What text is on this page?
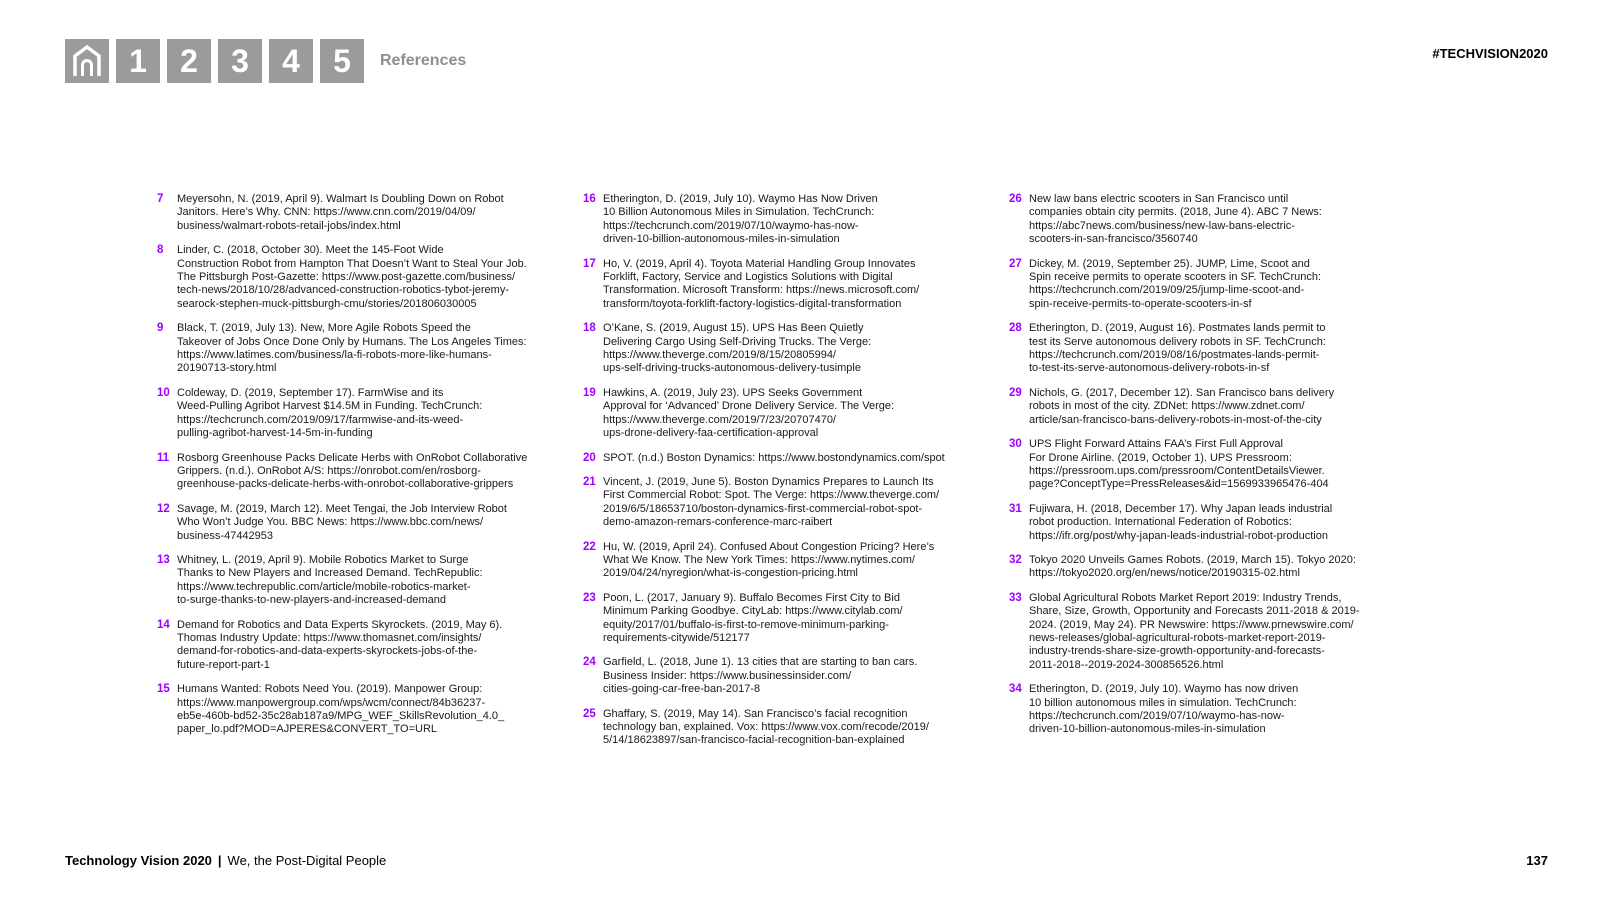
1	2	3	4	5	References	#TECHVISION2020
7	Meyersohn, N. (2019, April 9). Walmart Is Doubling Down on Robot
Janitors. Here’s Why. CNN: https://www.cnn.com/2019/04/09/
business/walmart-robots-retail-jobs/index.html
8	Linder, C. (2018, October 30). Meet the 145-Foot Wide
Construction Robot from Hampton That Doesn’t Want to Steal Your Job.
The Pittsburgh Post-Gazette: https://www.post-gazette.com/business/
tech-news/2018/10/28/advanced-construction-robotics-tybot-jeremy-
searock-stephen-muck-pittsburgh-cmu/stories/201806030005
9	Black, T. (2019, July 13). New, More Agile Robots Speed the
Takeover of Jobs Once Done Only by Humans. The Los Angeles Times:
https://www.latimes.com/business/la-fi-robots-more-like-humans-
20190713-story.html
10 Coldeway, D. (2019, September 17). FarmWise and its
Weed-Pulling Agribot Harvest $14.5M in Funding. TechCrunch:
https://techcrunch.com/2019/09/17/farmwise-and-its-weed-
pulling-agribot-harvest-14-5m-in-funding
11 Rosborg Greenhouse Packs Delicate Herbs with OnRobot Collaborative
Grippers. (n.d.). OnRobot A/S: https://onrobot.com/en/rosborg-
greenhouse-packs-delicate-herbs-with-onrobot-collaborative-grippers
12 Savage, M. (2019, March 12). Meet Tengai, the Job Interview Robot
Who Won’t Judge You. BBC News: https://www.bbc.com/news/
business-47442953
13 Whitney, L. (2019, April 9). Mobile Robotics Market to Surge
Thanks to New Players and Increased Demand. TechRepublic:
https://www.techrepublic.com/article/mobile-robotics-market-
to-surge-thanks-to-new-players-and-increased-demand
14 Demand for Robotics and Data Experts Skyrockets. (2019, May 6).
Thomas Industry Update: https://www.thomasnet.com/insights/
demand-for-robotics-and-data-experts-skyrockets-jobs-of-the-
future-report-part-1
15 Humans Wanted: Robots Need You. (2019). Manpower Group:
https://www.manpowergroup.com/wps/wcm/connect/84b36237-
eb5e-460b-bd52-35c28ab187a9/MPG_WEF_SkillsRevolution_4.0_
paper_lo.pdf?MOD=AJPERES&CONVERT_TO=URL
16 Etherington, D. (2019, July 10). Waymo Has Now Driven
10 Billion Autonomous Miles in Simulation. TechCrunch:
https://techcrunch.com/2019/07/10/waymo-has-now-
driven-10-billion-autonomous-miles-in-simulation
17 Ho, V. (2019, April 4). Toyota Material Handling Group Innovates
Forklift, Factory, Service and Logistics Solutions with Digital
Transformation. Microsoft Transform: https://news.microsoft.com/
transform/toyota-forklift-factory-logistics-digital-transformation
18 O’Kane, S. (2019, August 15). UPS Has Been Quietly
Delivering Cargo Using Self-Driving Trucks. The Verge:
https://www.theverge.com/2019/8/15/20805994/
ups-self-driving-trucks-autonomous-delivery-tusimple
19 Hawkins, A. (2019, July 23). UPS Seeks Government
Approval for ‘Advanced’ Drone Delivery Service. The Verge:
https://www.theverge.com/2019/7/23/20707470/
ups-drone-delivery-faa-certification-approval
20 SPOT. (n.d.) Boston Dynamics: https://www.bostondynamics.com/spot
21 Vincent, J. (2019, June 5). Boston Dynamics Prepares to Launch Its
First Commercial Robot: Spot. The Verge: https://www.theverge.com/
2019/6/5/18653710/boston-dynamics-first-commercial-robot-spot-
demo-amazon-remars-conference-marc-raibert
22 Hu, W. (2019, April 24). Confused About Congestion Pricing? Here’s
What We Know. The New York Times: https://www.nytimes.com/
2019/04/24/nyregion/what-is-congestion-pricing.html
23 Poon, L. (2017, January 9). Buffalo Becomes First City to Bid
Minimum Parking Goodbye. CityLab: https://www.citylab.com/
equity/2017/01/buffalo-is-first-to-remove-minimum-parking-
requirements-citywide/512177
24 Garfield, L. (2018, June 1). 13 cities that are starting to ban cars.
Business Insider: https://www.businessinsider.com/
cities-going-car-free-ban-2017-8
25 Ghaffary, S. (2019, May 14). San Francisco’s facial recognition
technology ban, explained. Vox: https://www.vox.com/recode/2019/
5/14/18623897/san-francisco-facial-recognition-ban-explained
26 New law bans electric scooters in San Francisco until
companies obtain city permits. (2018, June 4). ABC 7 News:
https://abc7news.com/business/new-law-bans-electric-
scooters-in-san-francisco/3560740
27 Dickey, M. (2019, September 25). JUMP, Lime, Scoot and
Spin receive permits to operate scooters in SF. TechCrunch:
https://techcrunch.com/2019/09/25/jump-lime-scoot-and-
spin-receive-permits-to-operate-scooters-in-sf
28 Etherington, D. (2019, August 16). Postmates lands permit to
test its Serve autonomous delivery robots in SF. TechCrunch:
https://techcrunch.com/2019/08/16/postmates-lands-permit-
to-test-its-serve-autonomous-delivery-robots-in-sf
29 Nichols, G. (2017, December 12). San Francisco bans delivery
robots in most of the city. ZDNet: https://www.zdnet.com/
article/san-francisco-bans-delivery-robots-in-most-of-the-city
30 UPS Flight Forward Attains FAA’s First Full Approval
For Drone Airline. (2019, October 1). UPS Pressroom:
https://pressroom.ups.com/pressroom/ContentDetailsViewer.
page?ConceptType=PressReleases&id=1569933965476-404
31 Fujiwara, H. (2018, December 17). Why Japan leads industrial
robot production. International Federation of Robotics:
https://ifr.org/post/why-japan-leads-industrial-robot-production
32 Tokyo 2020 Unveils Games Robots. (2019, March 15). Tokyo 2020:
https://tokyo2020.org/en/news/notice/20190315-02.html
33 Global Agricultural Robots Market Report 2019: Industry Trends,
Share, Size, Growth, Opportunity and Forecasts 2011-2018 & 2019-
2024. (2019, May 24). PR Newswire: https://www.prnewswire.com/
news-releases/global-agricultural-robots-market-report-2019-
industry-trends-share-size-growth-opportunity-and-forecasts-
2011-2018--2019-2024-300856526.html
34 Etherington, D. (2019, July 10). Waymo has now driven
10 billion autonomous miles in simulation. TechCrunch:
https://techcrunch.com/2019/07/10/waymo-has-now-
driven-10-billion-autonomous-miles-in-simulation
Technology Vision 2020 | We, the Post-Digital People	137
